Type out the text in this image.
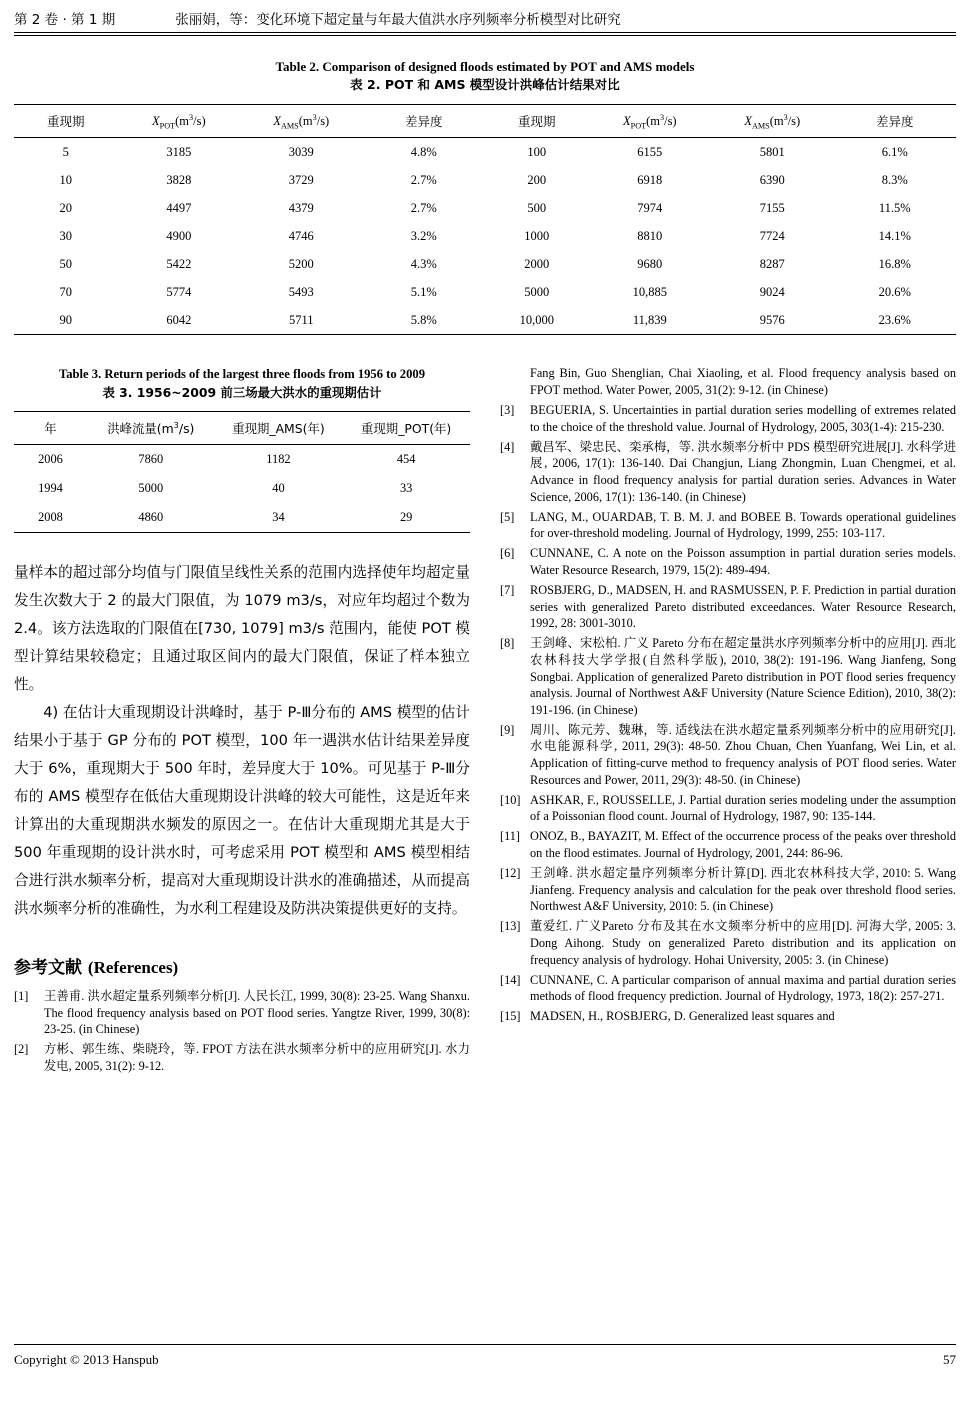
第 2 卷 · 第 1 期	张丽娟，等：变化环境下超定量与年最大值洪水序列频率分析模型对比研究
Table 2. Comparison of designed floods estimated by POT and AMS models
表 2. POT 和 AMS 模型设计洪峰估计结果对比
重现期	$X_{POT}(m^3/s)$	$X_{AMS}(m^3/s)$	差异度	重现期	$X_{POT}(m^3/s)$	$X_{AMS}(m^3/s)$	差异度
5	3185	3039	4.8%	100	6155	5801	6.1%
10	3828	3729	2.7%	200	6918	6390	8.3%
20	4497	4379	2.7%	500	7974	7155	11.5%
30	4900	4746	3.2%	1000	8810	7724	14.1%
50	5422	5200	4.3%	2000	9680	8287	16.8%
70	5774	5493	5.1%	5000	10,885	9024	20.6%
90	6042	5711	5.8%	10,000	11,839	9576	23.6%
Table 3. Return periods of the largest three floods from 1956 to 2009
表 3. 1956~2009 前三场最大洪水的重现期估计
年	洪峰流量$(m^3/s)$	重现期_AMS(年)	重现期_POT(年)
2006	7860	1182	454
1994	5000	40	33
2008	4860	34	29

量样本的超过部分均值与门限值呈线性关系的范围内选择使年均超定量发生次数大于 2 的最大门限值，为 1079 m3/s，对应年均超过个数为 2.4。该方法选取的门限值在[730, 1079] m3/s 范围内，能使 POT 模型计算结果较稳定；且通过取区间内的最大门限值，保证了样本独立性。

4) 在估计大重现期设计洪峰时，基于 P-Ⅲ分布的 AMS 模型的估计结果小于基于 GP 分布的 POT 模型，100 年一遇洪水估计结果差异度大于 6%，重现期大于 500 年时，差异度大于 10%。可见基于 P-Ⅲ分布的 AMS 模型存在低估大重现期设计洪峰的较大可能性，这是近年来计算出的大重现期洪水频发的原因之一。在估计大重现期尤其是大于 500 年重现期的设计洪水时，可考虑采用 POT 模型和 AMS 模型相结合进行洪水频率分析，提高对大重现期设计洪水的准确描述，从而提高洪水频率分析的准确性，为水利工程建设及防洪决策提供更好的支持。

参考文献 (References)
[1]	王善甫. 洪水超定量系列频率分析[J]. 人民长江, 1999, 30(8): 23-25. Wang Shanxu. The flood frequency analysis based on POT flood series. Yangtze River, 1999, 30(8): 23-25. (in Chinese)
[2]	方彬、郭生练、柴晓玲，等. FPOT 方法在洪水频率分析中的应用研究[J]. 水力发电, 2005, 31(2): 9-12.
Fang Bin, Guo Shenglian, Chai Xiaoling, et al. Flood frequency analysis based on FPOT method. Water Power, 2005, 31(2): 9-12. (in Chinese)
[3]	BEGUERIA, S. Uncertainties in partial duration series modelling of extremes related to the choice of the threshold value. Journal of Hydrology, 2005, 303(1-4): 215-230.
[4]	戴昌军、梁忠民、栾承梅，等. 洪水频率分析中 PDS 模型研究进展[J]. 水科学进展, 2006, 17(1): 136-140. Dai Changjun, Liang Zhongmin, Luan Chengmei, et al. Advance in flood frequency analysis for partial duration series. Advances in Water Science, 2006, 17(1): 136-140. (in Chinese)
[5]	LANG, M., OUARDAB, T. B. M. J. and BOBEE B. Towards operational guidelines for over-threshold modeling. Journal of Hydrology, 1999, 255: 103-117.
[6]	CUNNANE, C. A note on the Poisson assumption in partial duration series models. Water Resource Research, 1979, 15(2): 489-494.
[7]	ROSBJERG, D., MADSEN, H. and RASMUSSEN, P. F. Prediction in partial duration series with generalized Pareto distributed exceedances. Water Resource Research, 1992, 28: 3001-3010.
[8]	王剑峰、宋松柏. 广义 Pareto 分布在超定量洪水序列频率分析中的应用[J]. 西北农林科技大学学报(自然科学版), 2010, 38(2): 191-196. Wang Jianfeng, Song Songbai. Application of generalized Pareto distribution in POT flood series frequency analysis. Journal of Northwest A&F University (Nature Science Edition), 2010, 38(2): 191-196. (in Chinese)
[9]	周川、陈元芳、魏琳，等. 适线法在洪水超定量系列频率分析中的应用研究[J]. 水电能源科学, 2011, 29(3): 48-50. Zhou Chuan, Chen Yuanfang, Wei Lin, et al. Application of fitting-curve method to frequency analysis of POT flood series. Water Resources and Power, 2011, 29(3): 48-50. (in Chinese)
[10] ASHKAR, F., ROUSSELLE, J. Partial duration series modeling under the assumption of a Poissonian flood count. Journal of Hydrology, 1987, 90: 135-144.
[11] ONOZ, B., BAYAZIT, M. Effect of the occurrence process of the peaks over threshold on the flood estimates. Journal of Hydrology, 2001, 244: 86-96.
[12] 王剑峰. 洪水超定量序列频率分析计算[D]. 西北农林科技大学, 2010: 5. Wang Jianfeng. Frequency analysis and calculation for the peak over threshold flood series. Northwest A&F University, 2010: 5. (in Chinese)
[13] 董爱红. 广义Pareto 分布及其在水文频率分析中的应用[D]. 河海大学, 2005: 3. Dong Aihong. Study on generalized Pareto distribution and its application on frequency analysis of hydrology. Hohai University, 2005: 3. (in Chinese)
[14] CUNNANE, C. A particular comparison of annual maxima and partial duration series methods of flood frequency prediction. Journal of Hydrology, 1973, 18(2): 257-271.
[15] MADSEN, H., ROSBJERG, D. Generalized least squares and
Copyright © 2013 Hanspub	57
